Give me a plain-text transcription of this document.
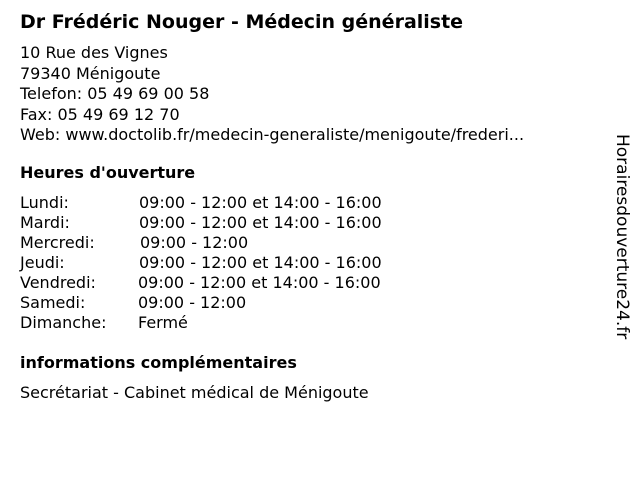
Dr Frédéric Nouger - Médecin généraliste
10 Rue des Vignes
79340 Ménigoute
Telefon: 05 49 69 00 58
Fax: 05 49 69 12 70
Web: www.doctolib.fr/medecin-generaliste/menigoute/frederi...
Heures d'ouverture
Lundi:	09:00 - 12:00 et 14:00 - 16:00
Mardi:	09:00 - 12:00 et 14:00 - 16:00
Mercredi:	09:00 - 12:00
Jeudi:	09:00 - 12:00 et 14:00 - 16:00
Vendredi:	09:00 - 12:00 et 14:00 - 16:00
Samedi:	09:00 - 12:00
Dimanche: Fermé
informations complémentaires
Secrétariat - Cabinet médical de Ménigoute
Horairesdouverture24.fr
